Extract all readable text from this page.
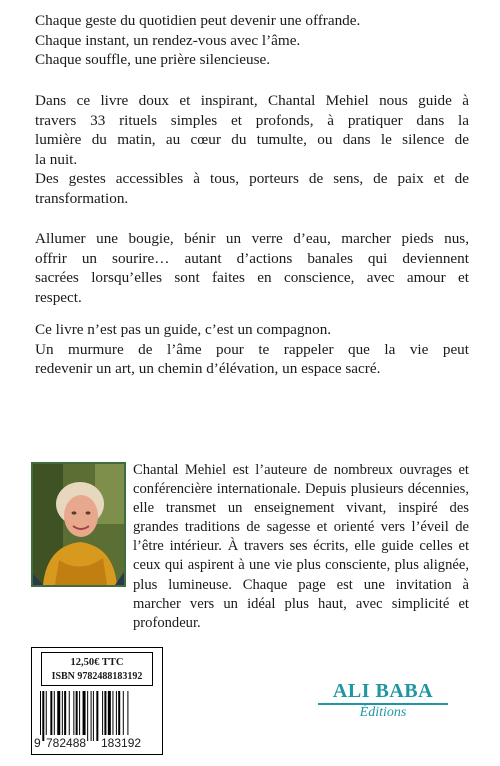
Chaque geste du quotidien peut devenir une offrande.
Chaque instant, un rendez-vous avec l’âme.
Chaque souffle, une prière silencieuse.

Dans ce livre doux et inspirant, Chantal Mehiel nous guide à
travers 33 rituels simples et profonds, à pratiquer dans la
lumière du matin, au cœur du tumulte, ou dans le silence de
la nuit.
Des gestes accessibles à tous, porteurs de sens, de paix et de
transformation.

Allumer une bougie, bénir un verre d’eau, marcher pieds nus,
offrir un sourire… autant d’actions banales qui deviennent
sacrées lorsqu’elles sont faites en conscience, avec amour et
respect.

Ce livre n’est pas un guide, c’est un compagnon.
Un murmure de l’âme pour te rappeler que la vie peut
redevenir un art, un chemin d’élévation, un espace sacré.

Chantal Mehiel est l’auteure de nombreux ouvrages et conférencière internationale. Depuis plusieurs décennies, elle transmet un enseignement vivant, inspiré des grandes traditions de sagesse et orienté vers l’éveil de l’être intérieur. À travers ses écrits, elle guide celles et ceux qui aspirent à une vie plus consciente, plus alignée, plus lumineuse. Chaque page est une invitation à marcher vers un idéal plus haut, avec simplicité et profondeur.

12,50€ TTC
ISBN 9782488183192
9 782488 183192
ALI BABA
Éditions
